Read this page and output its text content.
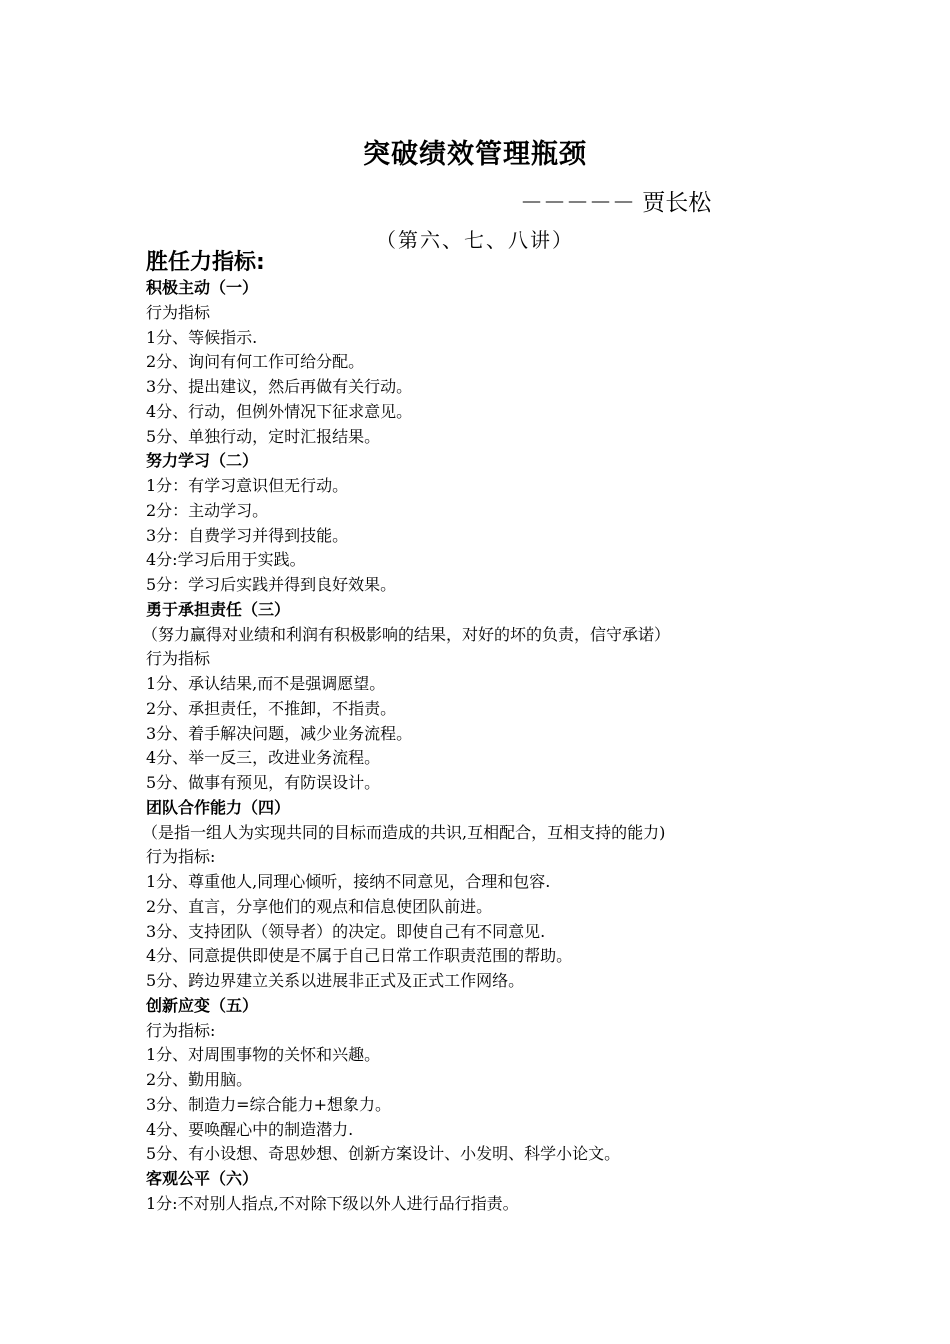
突破绩效管理瓶颈
－－－－－ 贾长松
（第六、七、八讲）
胜任力指标:
积极主动（一）
行为指标
1分、等候指示.
2分、询问有何工作可给分配。
3分、提出建议，然后再做有关行动。
4分、行动，但例外情况下征求意见。
5分、单独行动，定时汇报结果。
努力学习（二）
1分：有学习意识但无行动。
2分：主动学习。
3分：自费学习并得到技能。
4分:学习后用于实践。
5分：学习后实践并得到良好效果。
勇于承担责任（三）
（努力赢得对业绩和利润有积极影响的结果，对好的坏的负责，信守承诺）
行为指标
1分、承认结果,而不是强调愿望。
2分、承担责任，不推卸，不指责。
3分、着手解决问题，减少业务流程。
4分、举一反三，改进业务流程。
5分、做事有预见，有防误设计。
团队合作能力（四）
（是指一组人为实现共同的目标而造成的共识,互相配合，互相支持的能力)
行为指标:
1分、尊重他人,同理心倾听，接纳不同意见，合理和包容.
2分、直言，分享他们的观点和信息使团队前进。
3分、支持团队（领导者）的决定。即使自己有不同意见.
4分、同意提供即使是不属于自己日常工作职责范围的帮助。
5分、跨边界建立关系以进展非正式及正式工作网络。
创新应变（五）
行为指标:
1分、对周围事物的关怀和兴趣。
2分、勤用脑。
3分、制造力=综合能力+想象力。
4分、要唤醒心中的制造潜力.
5分、有小设想、奇思妙想、创新方案设计、小发明、科学小论文。
客观公平（六）
1分:不对别人指点,不对除下级以外人进行品行指责。
